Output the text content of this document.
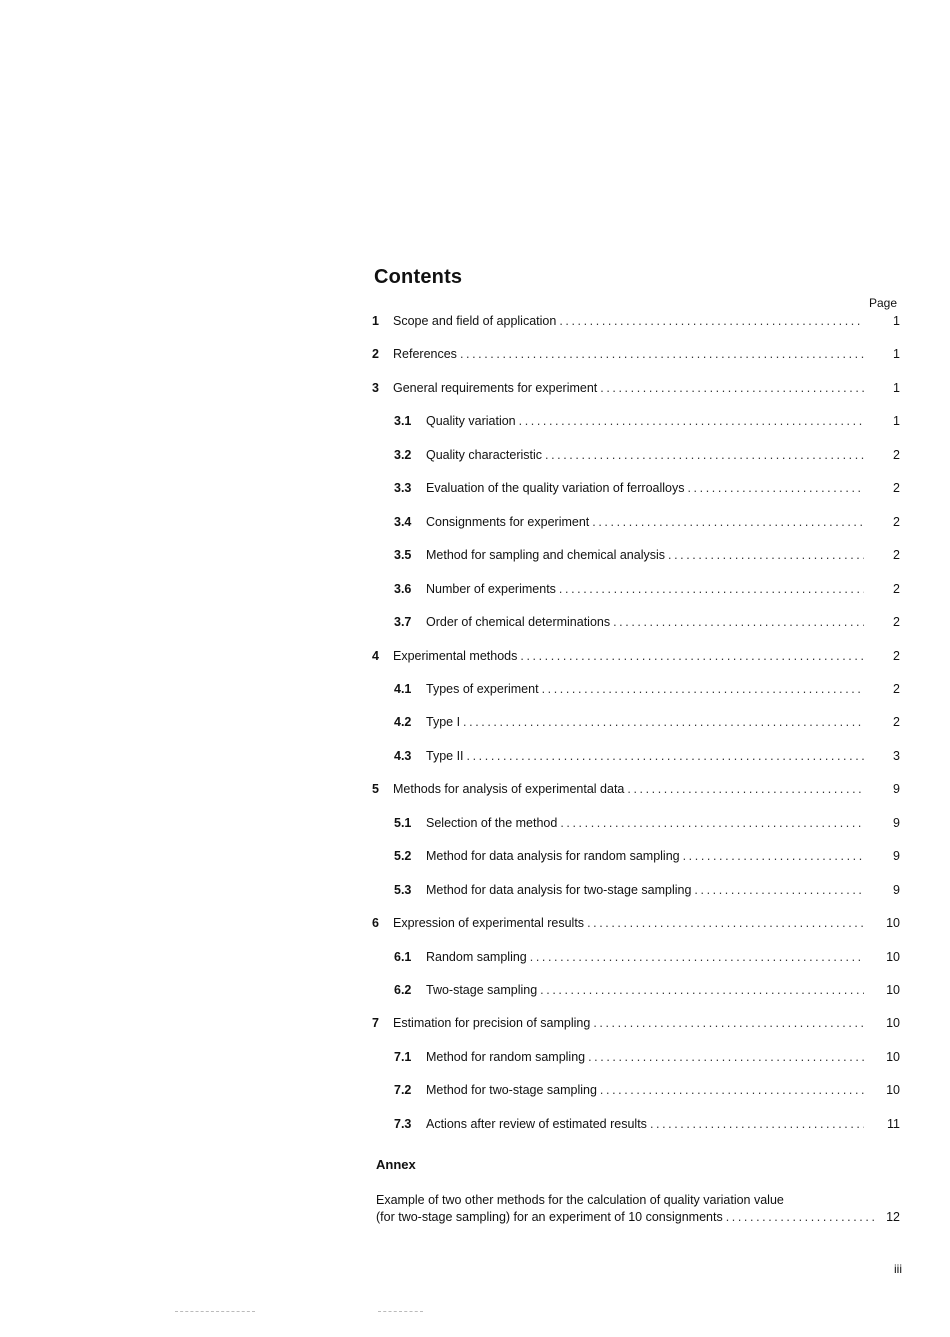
Contents
Page
1	Scope and field of application .....	1
2	References .....	1
3	General requirements for experiment .....	1
3.1	Quality variation .....	1
3.2	Quality characteristic .....	2
3.3	Evaluation of the quality variation of ferroalloys .....	2
3.4	Consignments for experiment .....	2
3.5	Method for sampling and chemical analysis .....	2
3.6	Number of experiments .....	2
3.7	Order of chemical determinations .....	2
4	Experimental methods .....	2
4.1	Types of experiment .....	2
4.2	Type I .....	2
4.3	Type II .....	3
5	Methods for analysis of experimental data .....	9
5.1	Selection of the method .....	9
5.2	Method for data analysis for random sampling .....	9
5.3	Method for data analysis for two-stage sampling .....	9
6	Expression of experimental results .....	10
6.1	Random sampling .....	10
6.2	Two-stage sampling .....	10
7	Estimation for precision of sampling .....	10
7.1	Method for random sampling .....	10
7.2	Method for two-stage sampling .....	10
7.3	Actions after review of estimated results .....	11
Annex
Example of two other methods for the calculation of quality variation value
(for two-stage sampling) for an experiment of 10 consignments .....	12
iii
